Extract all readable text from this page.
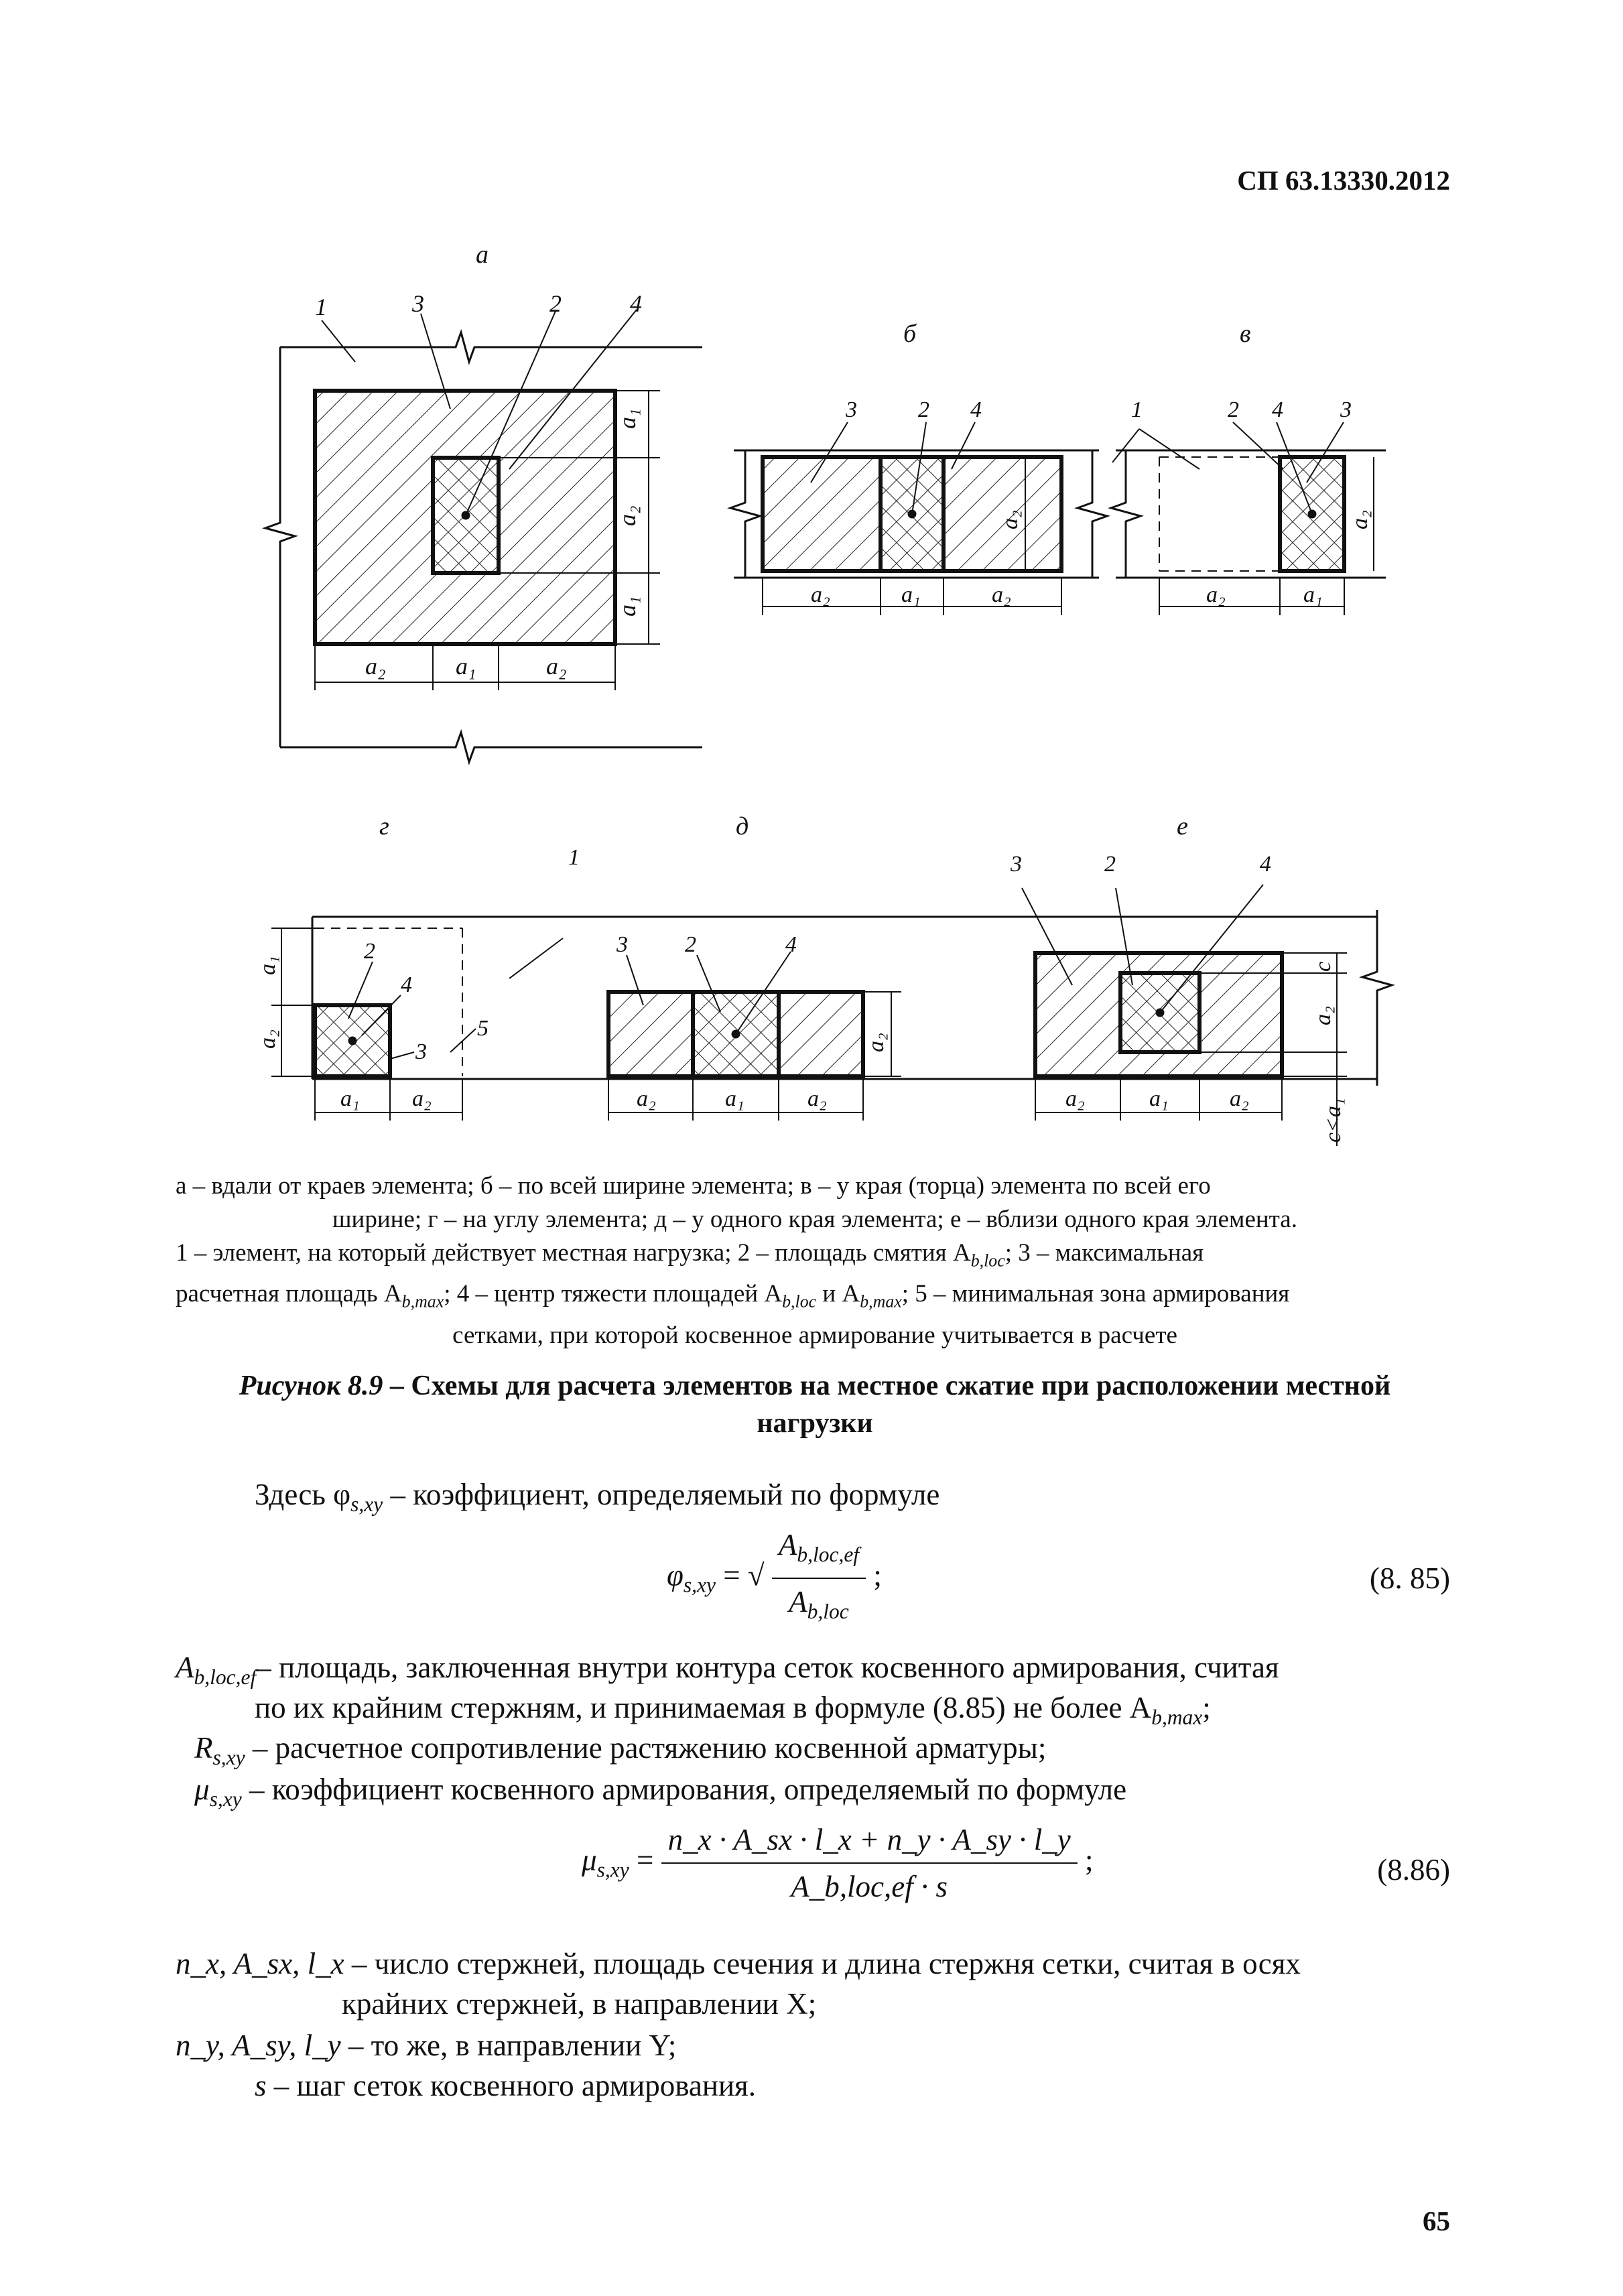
СП 63.13330.2012
а
б	в
г	д	е
1	3	2	4
a₂	a₁	a₂
a₁
a₂
a₁
3	2 4
a₂	a₁	a₂
a₂
1	2 4	3
a₂	a₁
a₂
1
2
4
3
5
a₁ a₂
a₁
a₂
3	2	4
a₂	a₁	a₂
a₂
3	2	4
a₂	a₁	a₂
c
a₂
c<a₁
а – вдали от краев элемента; б – по всей ширине элемента; в – у края (торца) элемента по всей его
ширине; г – на углу элемента; д – у одного края элемента; е – вблизи одного края элемента.
1 – элемент, на который действует местная нагрузка; 2 – площадь смятия $A_{b,loc}$; 3 – максимальная
расчетная площадь $A_{b,max}$; 4 – центр тяжести площадей $A_{b,loc}$ и $A_{b,max}$; 5 – минимальная зона армирования
сетками, при которой косвенное армирование учитывается в расчете
Рисунок 8.9 – Схемы для расчета элементов на местное сжатие при расположении местной
нагрузки
Здесь $\varphi_{s,xy}$ – коэффициент, определяемый по формуле
$\varphi_{s,xy}$ = √ $\frac{A_{b,loc,ef}}{A_{b,loc}}$ ;	(8. 85)
$A_{b,loc,ef}-$ площадь, заключенная внутри контура сеток косвенного армирования, считая
по их крайним стержням, и принимаемая в формуле (8.85) не более $A_{b,max}$;
$R_{s,xy}$ – расчетное сопротивление растяжению косвенной арматуры;
$\mu_{s,xy}$ – коэффициент косвенного армирования, определяемый по формуле
$\mu_{s,xy} = \frac{n\_x \cdot A\_sx \cdot l\_x + n\_y \cdot A\_sy \cdot l\_y}{\text{A\_b,loc,ef · s}}$ ;	(8.86)
n_x, A_sx, l_x – число стержней, площадь сечения и длина стержня сетки, считая в осях
крайних стержней, в направлении X;
n_y, A_sy, l_y – то же, в направлении Y;
s – шаг сеток косвенного армирования.
65
